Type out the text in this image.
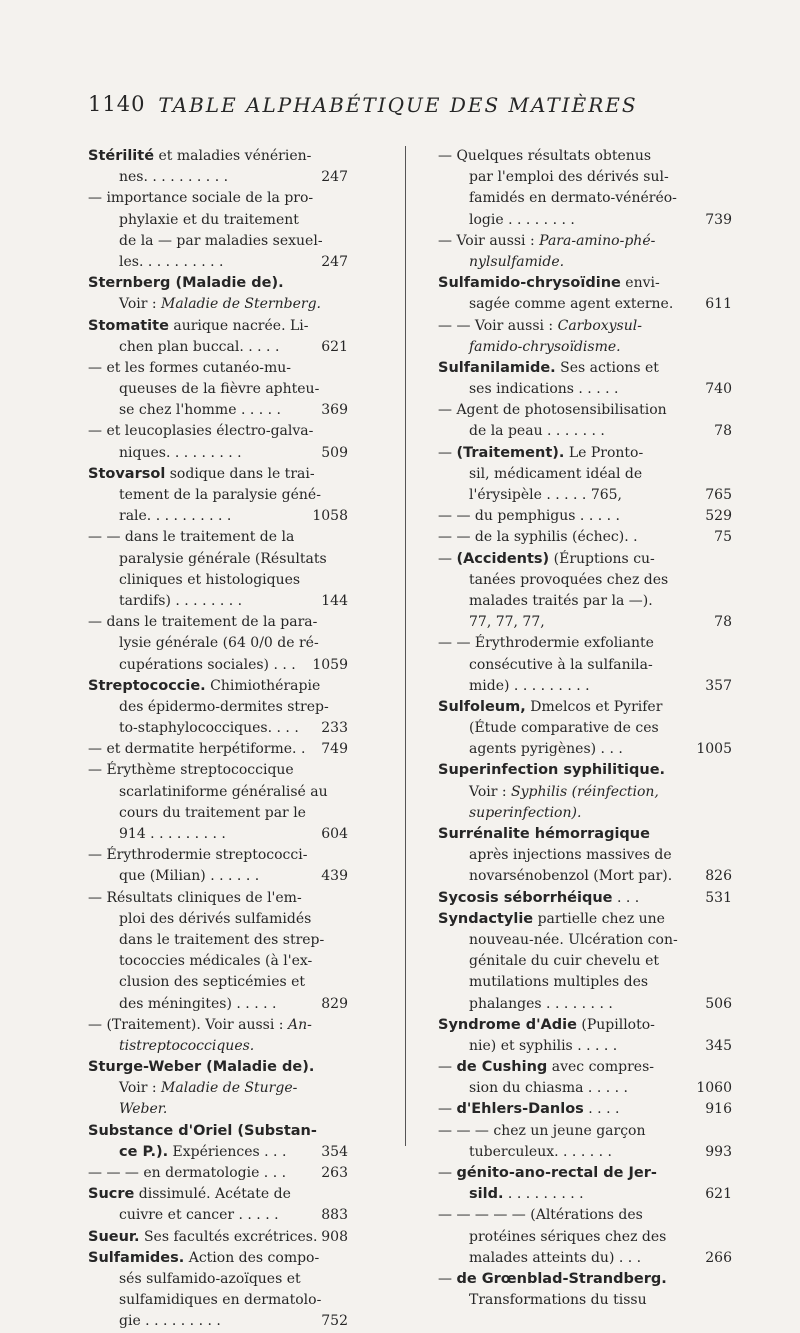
1140 TABLE ALPHABÉTIQUE DES MATIÈRES
Stérilité et maladies vénérien-
nes. . . . . . . . . .	247
— importance sociale de la pro-
phylaxie et du traitement
de la — par maladies sexuel-
les. . . . . . . . . .	247
Sternberg (Maladie de).
Voir : Maladie de Sternberg.
Stomatite aurique nacrée. Li-
chen plan buccal. . . . .	621
— et les formes cutanéo-mu-
queuses de la fièvre aphteu-
se chez l'homme . . . . .	369
— et leucoplasies électro-galva-
niques. . . . . . . . .	509
Stovarsol sodique dans le trai-
tement de la paralysie géné-
rale. . . . . . . . . .	1058
— — dans le traitement de la
paralysie générale (Résultats
cliniques et histologiques
tardifs) . . . . . . . .	144
— dans le traitement de la para-
lysie générale (64 0/0 de ré-
cupérations sociales) . . . 1059
Streptococcie. Chimiothérapie
des épidermo-dermites strep-
to-staphylococciques. . . . 233
— et dermatite herpétiforme. . 749
— Érythème streptococcique
scarlatiniforme généralisé au
cours du traitement par le
914 . . . . . . . . .	604
— Érythrodermie streptococci-
que (Milian) . . . . . .	439
— Résultats cliniques de l'em-
ploi des dérivés sulfamidés
dans le traitement des strep-
tococcies médicales (à l'ex-
clusion des septicémies et
des méningites) . . . . .	829
— (Traitement). Voir aussi : An-
tistreptococciques.
Sturge-Weber (Maladie de).
Voir : Maladie de Sturge-
Weber.
Substance d'Oriel (Substan-
ce P.). Expériences . . . 354
— — — en dermatologie . . .	263
Sucre dissimulé. Acétate de
cuivre et cancer . . . . .	883
Sueur. Ses facultés excrétrices. 908
Sulfamides. Action des compo-
sés sulfamido-azoïques et
sulfamidiques en dermatolo-
gie . . . . . . . . .	752
— Quelques résultats obtenus
par l'emploi des dérivés sul-
famidés en dermato-vénéréo-
logie . . . . . . . .	739
— Voir aussi : Para-amino-phé-
nylsulfamide.
Sulfamido-chrysoïdine envi-
sagée comme agent externe. 611
— — Voir aussi : Carboxysul-
famido-chrysoïdisme.
Sulfanilamide. Ses actions et
ses indications . . . . .	740
— Agent de photosensibilisation
de la peau . . . . . . .	78
— (Traitement). Le Pronto-
sil, médicament idéal de
l'érysipèle . . . . . 765,	765
— — du pemphigus . . . . .	529
— — de la syphilis (échec). .	75
— (Accidents) (Éruptions cu-
tanées provoquées chez des
malades traités par la —).
77, 77, 77,	78
— — Érythrodermie exfoliante
consécutive à la sulfanila-
mide) . . . . . . . . .	357
Sulfoleum, Dmelcos et Pyrifer
(Étude comparative de ces
agents pyrigènes) . . .	1005
Superinfection syphilitique.
Voir : Syphilis (réinfection,
superinfection).
Surrénalite hémorragique
après injections massives de
novarsénobenzol (Mort par). 826
Sycosis séborrhéique . . .	531
Syndactylie partielle chez une
nouveau-née. Ulcération con-
génitale du cuir chevelu et
mutilations multiples des
phalanges . . . . . . . .	506
Syndrome d'Adie (Pupilloto-
nie) et syphilis . . . . .	345
— de Cushing avec compres-
sion du chiasma . . . . .	1060
— d'Ehlers-Danlos . . . .	916
— — — chez un jeune garçon
tuberculeux. . . . . . .	993
— génito-ano-rectal de Jer-
sild. . . . . . . . . .	621
— — — — — (Altérations des
protéines sériques chez des
malades atteints du) . . .	266
— de Grœnblad-Strandberg.
Transformations du tissu
